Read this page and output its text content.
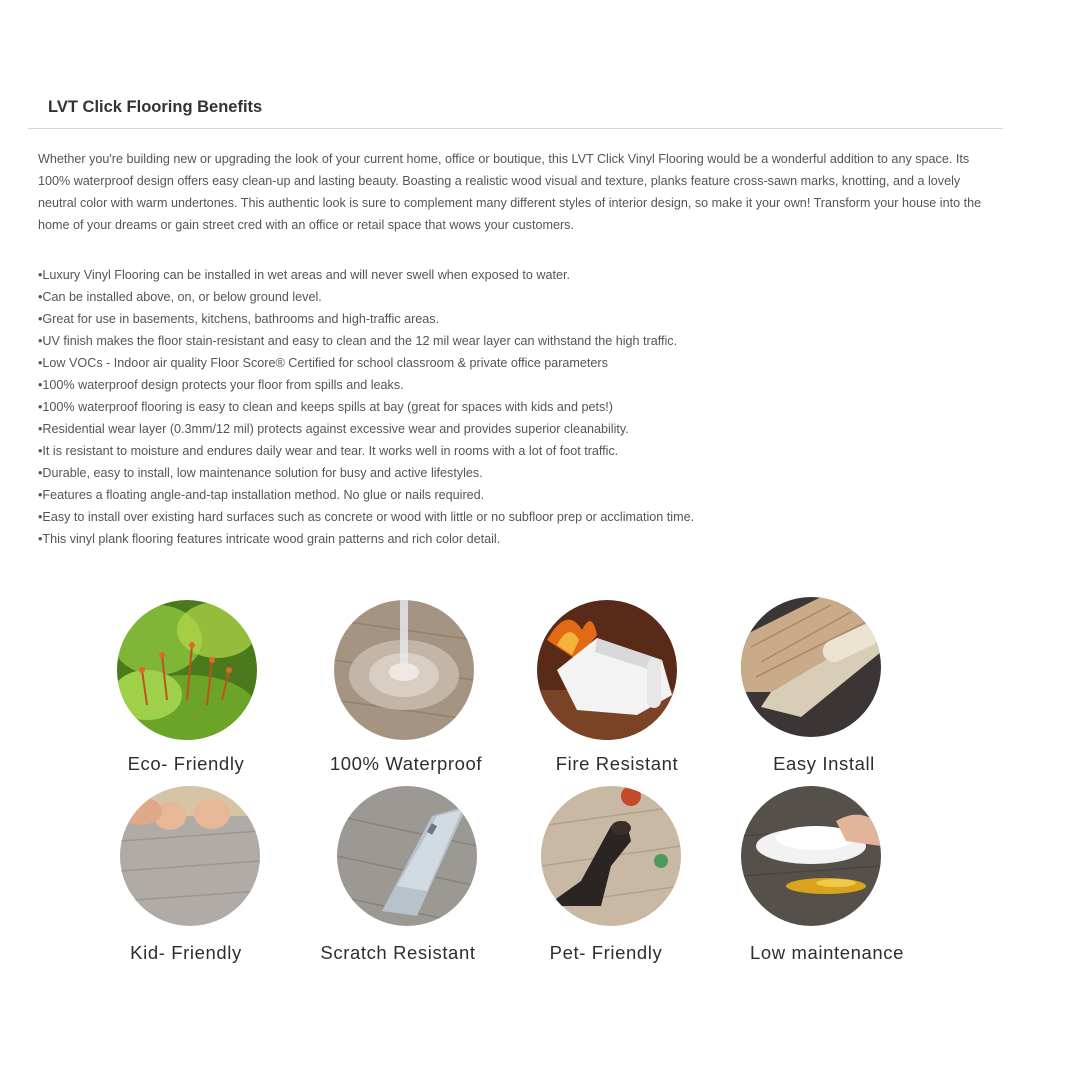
LVT Click Flooring Benefits

Whether you're building new or upgrading the look of your current home, office or boutique, this LVT Click Vinyl Flooring would be a wonderful addition to any space. Its 100% waterproof design offers easy clean-up and lasting beauty. Boasting a realistic wood visual and texture, planks feature cross-sawn marks, knotting, and a lovely neutral color with warm undertones. This authentic look is sure to complement many different styles of interior design, so make it your own! Transform your house into the home of your dreams or gain street cred with an office or retail space that wows your customers.

• Luxury Vinyl Flooring can be installed in wet areas and will never swell when exposed to water.
• Can be installed above, on, or below ground level.
• Great for use in basements, kitchens, bathrooms and high-traffic areas.
• UV finish makes the floor stain-resistant and easy to clean and the 12 mil wear layer can withstand the high traffic.
• Low VOCs - Indoor air quality Floor Score® Certified for school classroom & private office parameters
• 100% waterproof design protects your floor from spills and leaks.
• 100% waterproof flooring is easy to clean and keeps spills at bay (great for spaces with kids and pets!)
• Residential wear layer (0.3mm/12 mil) protects against excessive wear and provides superior cleanability.
• It is resistant to moisture and endures daily wear and tear. It works well in rooms with a lot of foot traffic.
• Durable, easy to install, low maintenance solution for busy and active lifestyles.
• Features a floating angle-and-tap installation method. No glue or nails required.
• Easy to install over existing hard surfaces such as concrete or wood with little or no subfloor prep or acclimation time.
• This vinyl plank flooring features intricate wood grain patterns and rich color detail.
Eco- Friendly	100% Waterproof	Fire Resistant	Easy Install
Kid- Friendly	Scratch Resistant	Pet- Friendly	Low maintenance
